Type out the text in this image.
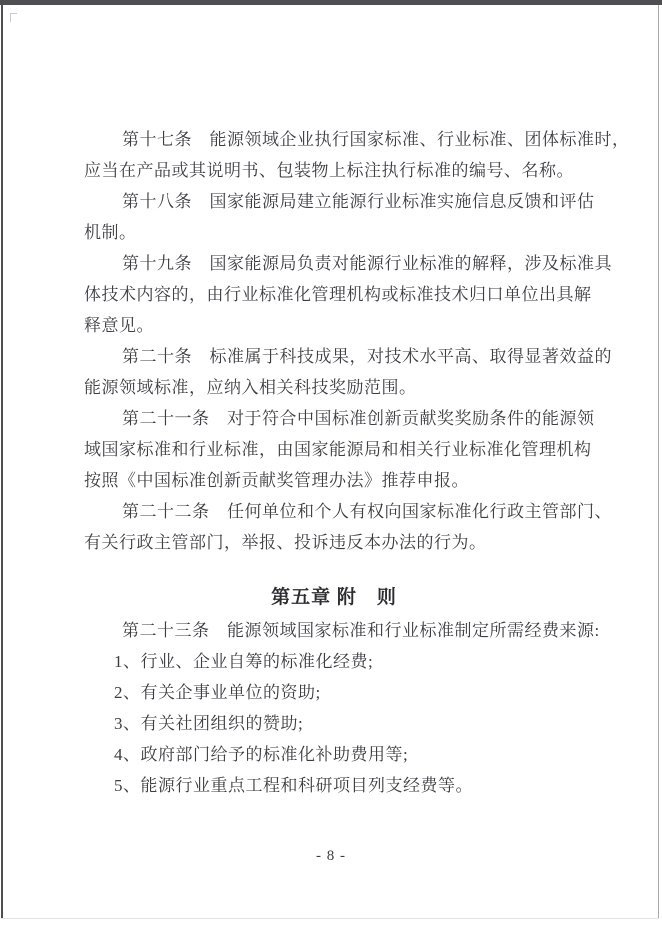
第十七条　能源领域企业执行国家标准、行业标准、团体标准时，
应当在产品或其说明书、包装物上标注执行标准的编号、名称。
第十八条　国家能源局建立能源行业标准实施信息反馈和评估
机制。
第十九条　国家能源局负责对能源行业标准的解释，涉及标准具
体技术内容的，由行业标准化管理机构或标准技术归口单位出具解
释意见。
第二十条　标准属于科技成果，对技术水平高、取得显著效益的
能源领域标准，应纳入相关科技奖励范围。
第二十一条　对于符合中国标准创新贡献奖奖励条件的能源领
域国家标准和行业标准，由国家能源局和相关行业标准化管理机构
按照《中国标准创新贡献奖管理办法》推荐申报。
第二十二条　任何单位和个人有权向国家标准化行政主管部门、
有关行政主管部门，举报、投诉违反本办法的行为。
第五章 附　则
第二十三条　能源领域国家标准和行业标准制定所需经费来源:
1、行业、企业自筹的标准化经费;
2、有关企事业单位的资助;
3、有关社团组织的赞助;
4、政府部门给予的标准化补助费用等;
5、能源行业重点工程和科研项目列支经费等。
- 8 -
